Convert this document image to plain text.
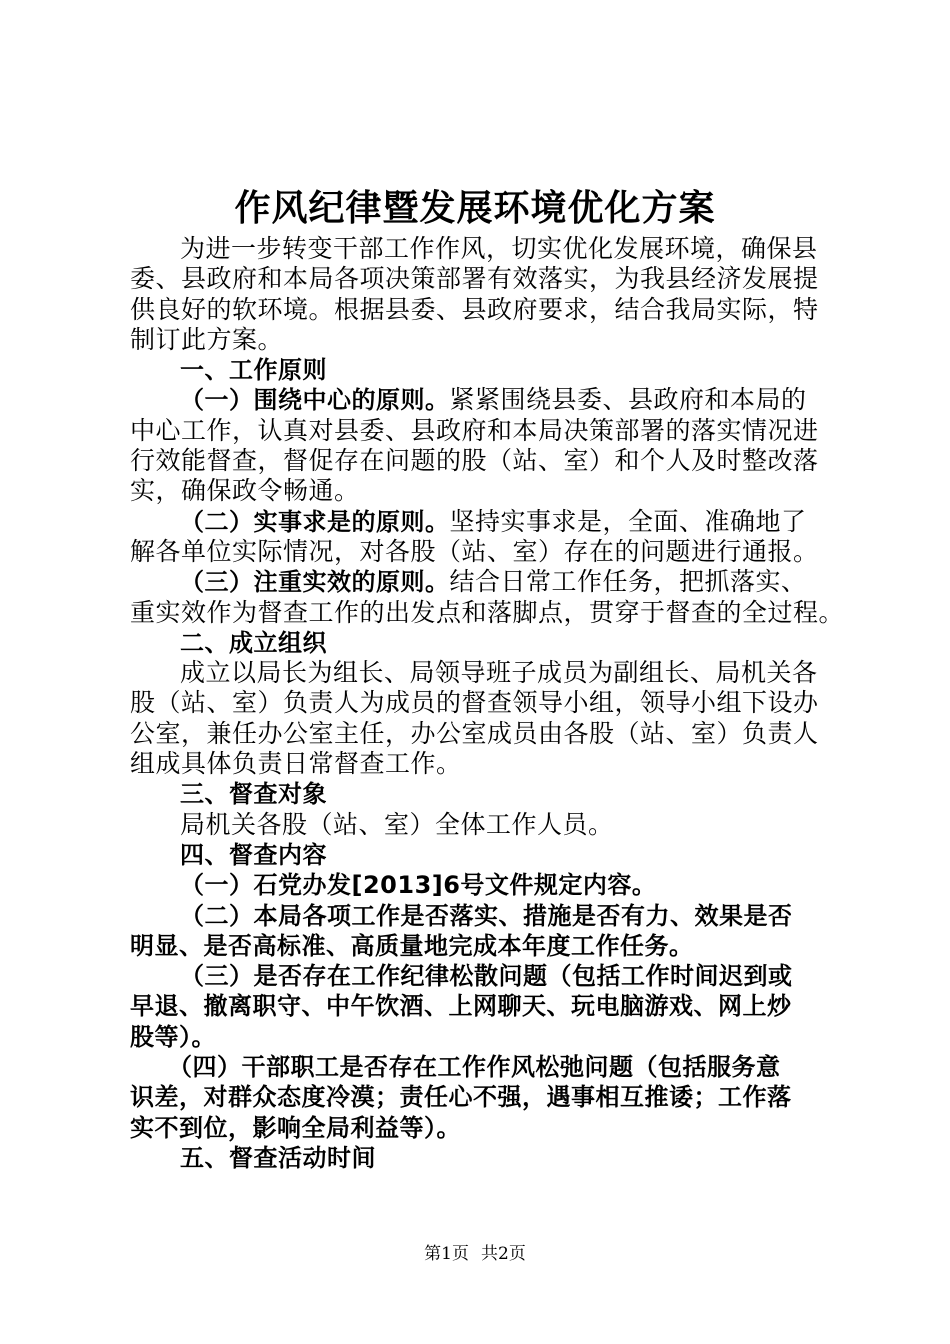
作风纪律暨发展环境优化方案
为进一步转变干部工作作风，切实优化发展环境，确保县
委、县政府和本局各项决策部署有效落实，为我县经济发展提
供良好的软环境。根据县委、县政府要求，结合我局实际，特
制订此方案。
一、工作原则
（一）围绕中心的原则。紧紧围绕县委、县政府和本局的
中心工作，认真对县委、县政府和本局决策部署的落实情况进
行效能督查，督促存在问题的股（站、室）和个人及时整改落
实，确保政令畅通。
（二）实事求是的原则。坚持实事求是，全面、准确地了
解各单位实际情况，对各股（站、室）存在的问题进行通报。
（三）注重实效的原则。结合日常工作任务，把抓落实、
重实效作为督查工作的出发点和落脚点，贯穿于督查的全过程。
二、成立组织
成立以局长为组长、局领导班子成员为副组长、局机关各
股（站、室）负责人为成员的督查领导小组，领导小组下设办
公室，兼任办公室主任，办公室成员由各股（站、室）负责人
组成具体负责日常督查工作。
三、督查对象
局机关各股（站、室）全体工作人员。
四、督查内容
（一）石党办发[2013]6号文件规定内容。
（二）本局各项工作是否落实、措施是否有力、效果是否
明显、是否高标准、高质量地完成本年度工作任务。
（三）是否存在工作纪律松散问题（包括工作时间迟到或
早退、撤离职守、中午饮酒、上网聊天、玩电脑游戏、网上炒
股等）。
（四）干部职工是否存在工作作风松弛问题（包括服务意
识差，对群众态度冷漠；责任心不强，遇事相互推诿；工作落
实不到位，影响全局利益等）。
五、督查活动时间
第1页 共2页
